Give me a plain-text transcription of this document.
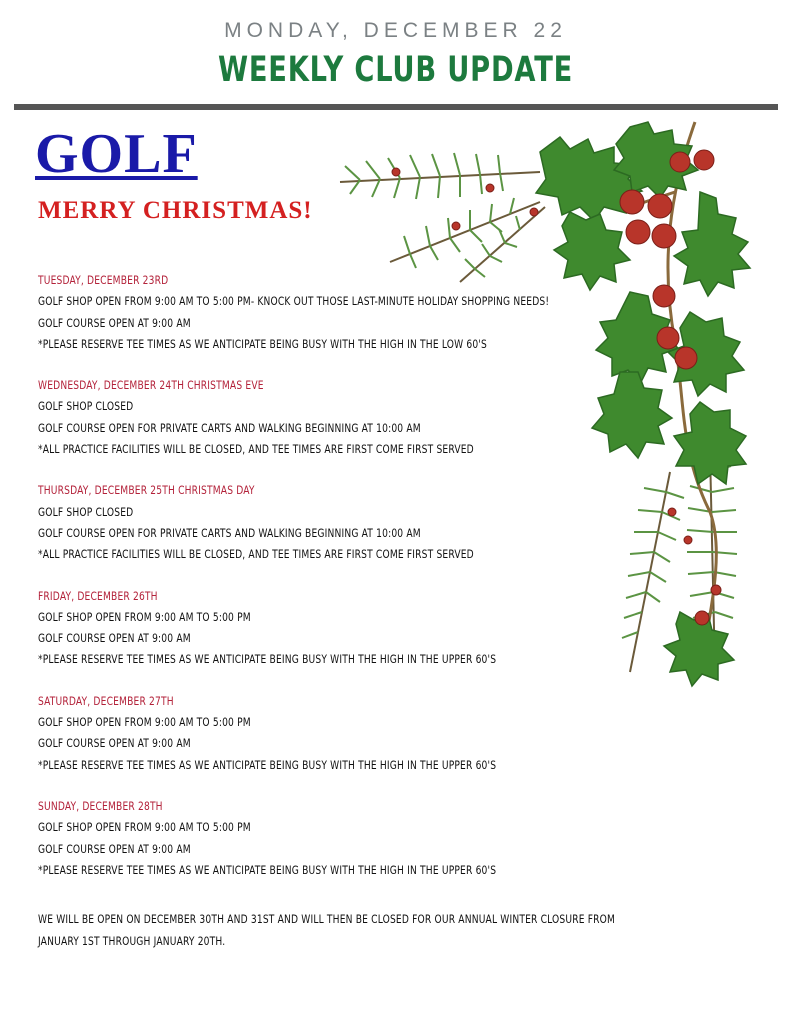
MONDAY, DECEMBER 22
WEEKLY CLUB UPDATE
GOLF
MERRY CHRISTMAS!
TUESDAY, DECEMBER 23RD
GOLF SHOP OPEN FROM 9:00 AM TO 5:00 PM- KNOCK OUT THOSE LAST-MINUTE HOLIDAY SHOPPING NEEDS!
GOLF COURSE OPEN AT 9:00 AM
*PLEASE RESERVE TEE TIMES AS WE ANTICIPATE BEING BUSY WITH THE HIGH IN THE LOW 60'S
WEDNESDAY, DECEMBER 24TH CHRISTMAS EVE
GOLF SHOP CLOSED
GOLF COURSE OPEN FOR PRIVATE CARTS AND WALKING BEGINNING AT 10:00 AM
*ALL PRACTICE FACILITIES WILL BE CLOSED, AND TEE TIMES ARE FIRST COME FIRST SERVED
THURSDAY, DECEMBER 25TH CHRISTMAS DAY
GOLF SHOP CLOSED
GOLF COURSE OPEN FOR PRIVATE CARTS AND WALKING BEGINNING AT 10:00 AM
*ALL PRACTICE FACILITIES WILL BE CLOSED, AND TEE TIMES ARE FIRST COME FIRST SERVED
FRIDAY, DECEMBER 26TH
GOLF SHOP OPEN FROM 9:00 AM TO 5:00 PM
GOLF COURSE OPEN AT 9:00 AM
*PLEASE RESERVE TEE TIMES AS WE ANTICIPATE BEING BUSY WITH THE HIGH IN THE UPPER 60'S
SATURDAY, DECEMBER 27TH
GOLF SHOP OPEN FROM 9:00 AM TO 5:00 PM
GOLF COURSE OPEN AT 9:00 AM
*PLEASE RESERVE TEE TIMES AS WE ANTICIPATE BEING BUSY WITH THE HIGH IN THE UPPER 60'S
SUNDAY, DECEMBER 28TH
GOLF SHOP OPEN FROM 9:00 AM TO 5:00 PM
GOLF COURSE OPEN AT 9:00 AM
*PLEASE RESERVE TEE TIMES AS WE ANTICIPATE BEING BUSY WITH THE HIGH IN THE UPPER 60'S
WE WILL BE OPEN ON DECEMBER 30TH AND 31ST AND WILL THEN BE CLOSED FOR OUR ANNUAL WINTER CLOSURE FROM
JANUARY 1ST THROUGH JANUARY 20TH.
